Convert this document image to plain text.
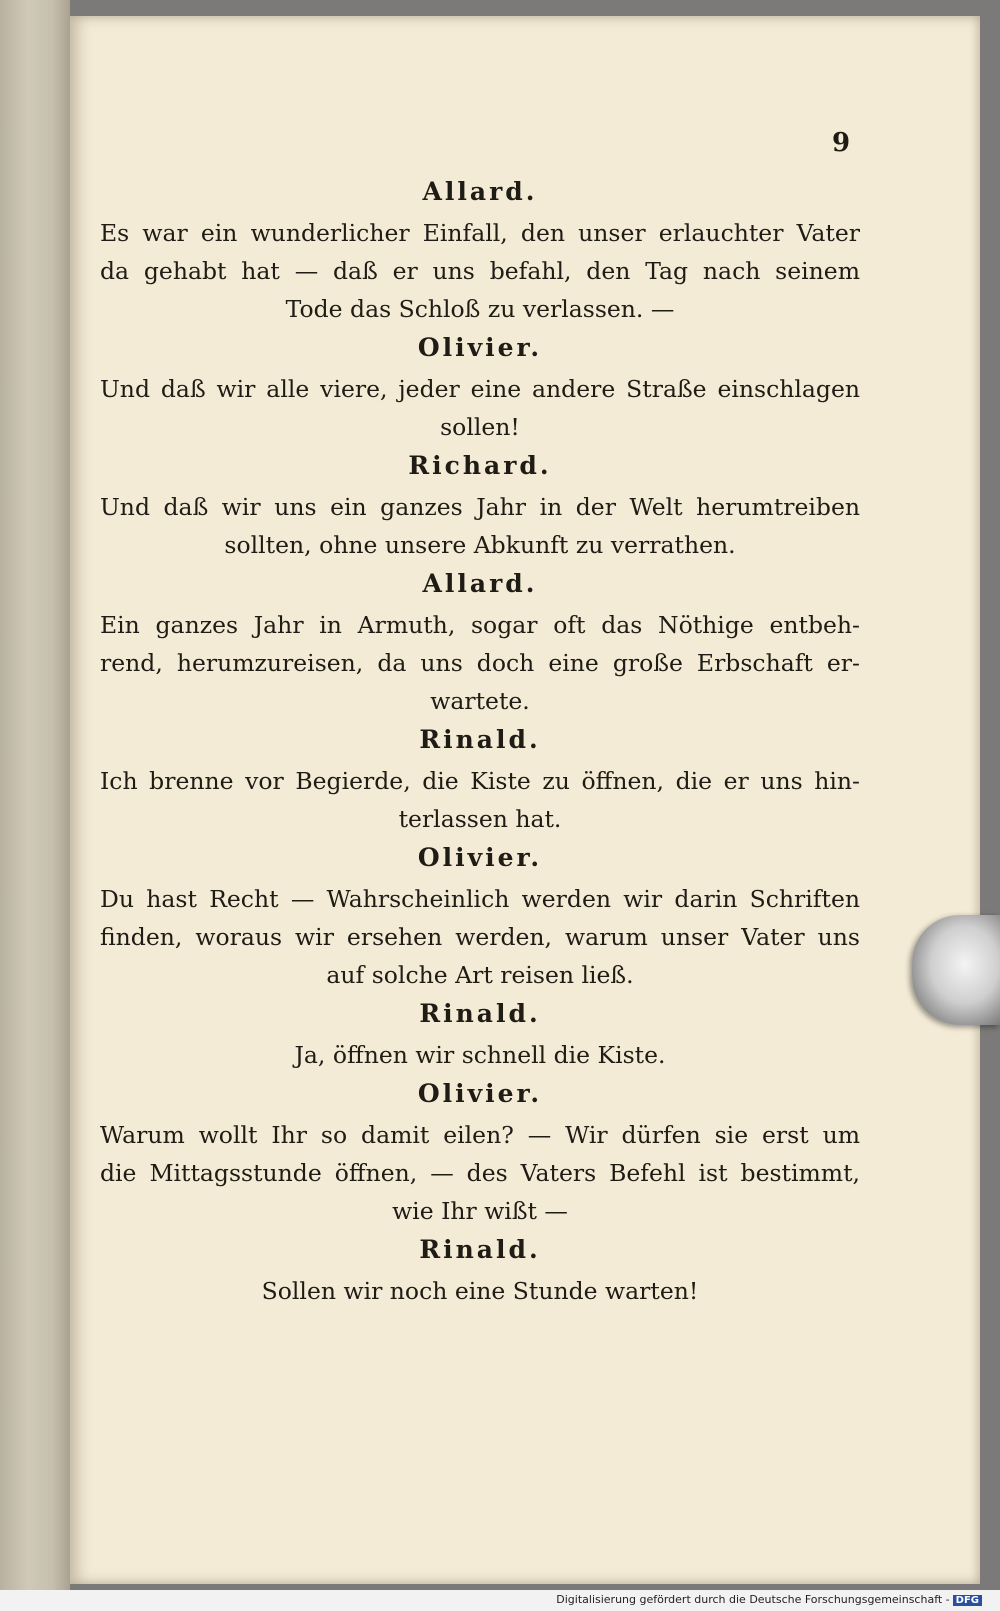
9
Allard.
Es war ein wunderlicher Einfall, den unser erlauchter Vater
da gehabt hat — daß er uns befahl, den Tag nach seinem
Tode das Schloß zu verlassen. —
Olivier.
Und daß wir alle viere, jeder eine andere Straße einschlagen
sollen!
Richard.
Und daß wir uns ein ganzes Jahr in der Welt herumtreiben
sollten, ohne unsere Abkunft zu verrathen.
Allard.
Ein ganzes Jahr in Armuth, sogar oft das Nöthige entbeh-
rend, herumzureisen, da uns doch eine große Erbschaft er-
wartete.
Rinald.
Ich brenne vor Begierde, die Kiste zu öffnen, die er uns hin-
terlassen hat.
Olivier.
Du hast Recht — Wahrscheinlich werden wir darin Schriften
finden, woraus wir ersehen werden, warum unser Vater uns
auf solche Art reisen ließ.
Rinald.
Ja, öffnen wir schnell die Kiste.
Olivier.
Warum wollt Ihr so damit eilen? — Wir dürfen sie erst um
die Mittagsstunde öffnen, — des Vaters Befehl ist bestimmt,
wie Ihr wißt —
Rinald.
Sollen wir noch eine Stunde warten!
Digitalisierung gefördert durch die Deutsche Forschungsgemeinschaft - DFG
